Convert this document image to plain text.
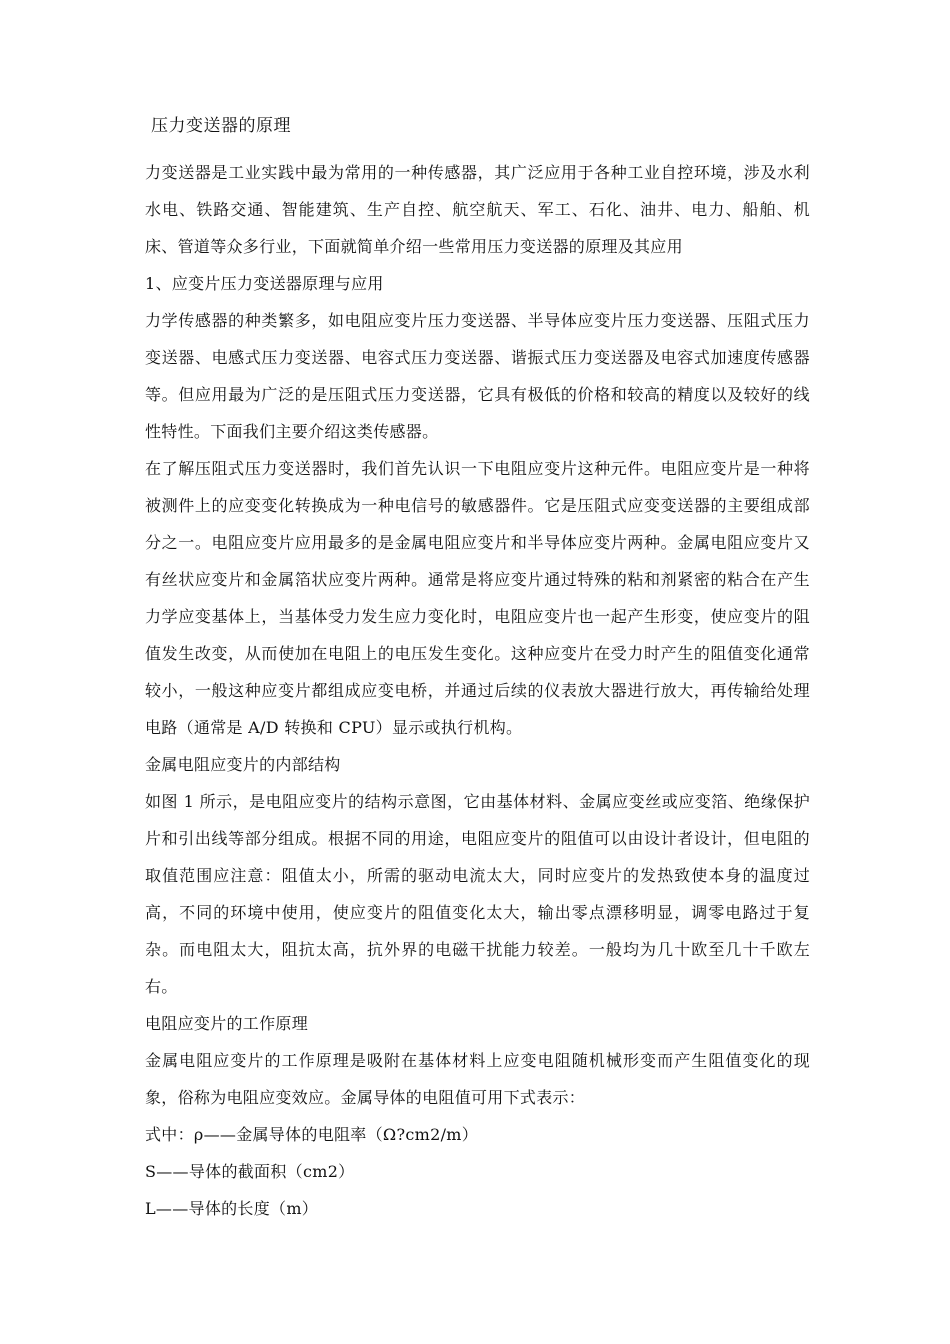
压力变送器的原理

力变送器是工业实践中最为常用的一种传感器，其广泛应用于各种工业自控环境，涉及水利水电、铁路交通、智能建筑、生产自控、航空航天、军工、石化、油井、电力、船舶、机床、管道等众多行业，下面就简单介绍一些常用压力变送器的原理及其应用

1、应变片压力变送器原理与应用

力学传感器的种类繁多，如电阻应变片压力变送器、半导体应变片压力变送器、压阻式压力变送器、电感式压力变送器、电容式压力变送器、谐振式压力变送器及电容式加速度传感器等。但应用最为广泛的是压阻式压力变送器，它具有极低的价格和较高的精度以及较好的线性特性。下面我们主要介绍这类传感器。

在了解压阻式压力变送器时，我们首先认识一下电阻应变片这种元件。电阻应变片是一种将被测件上的应变变化转换成为一种电信号的敏感器件。它是压阻式应变变送器的主要组成部分之一。电阻应变片应用最多的是金属电阻应变片和半导体应变片两种。金属电阻应变片又有丝状应变片和金属箔状应变片两种。通常是将应变片通过特殊的粘和剂紧密的粘合在产生力学应变基体上，当基体受力发生应力变化时，电阻应变片也一起产生形变，使应变片的阻值发生改变，从而使加在电阻上的电压发生变化。这种应变片在受力时产生的阻值变化通常较小，一般这种应变片都组成应变电桥，并通过后续的仪表放大器进行放大，再传输给处理电路（通常是 A/D 转换和 CPU）显示或执行机构。

金属电阻应变片的内部结构

如图 1 所示，是电阻应变片的结构示意图，它由基体材料、金属应变丝或应变箔、绝缘保护片和引出线等部分组成。根据不同的用途，电阻应变片的阻值可以由设计者设计，但电阻的取值范围应注意：阻值太小，所需的驱动电流太大，同时应变片的发热致使本身的温度过高，不同的环境中使用，使应变片的阻值变化太大，输出零点漂移明显，调零电路过于复杂。而电阻太大，阻抗太高，抗外界的电磁干扰能力较差。一般均为几十欧至几十千欧左右。

电阻应变片的工作原理

金属电阻应变片的工作原理是吸附在基体材料上应变电阻随机械形变而产生阻值变化的现象，俗称为电阻应变效应。金属导体的电阻值可用下式表示：

式中：ρ——金属导体的电阻率（Ω?cm2/m）

S——导体的截面积（cm2）

L——导体的长度（m）
